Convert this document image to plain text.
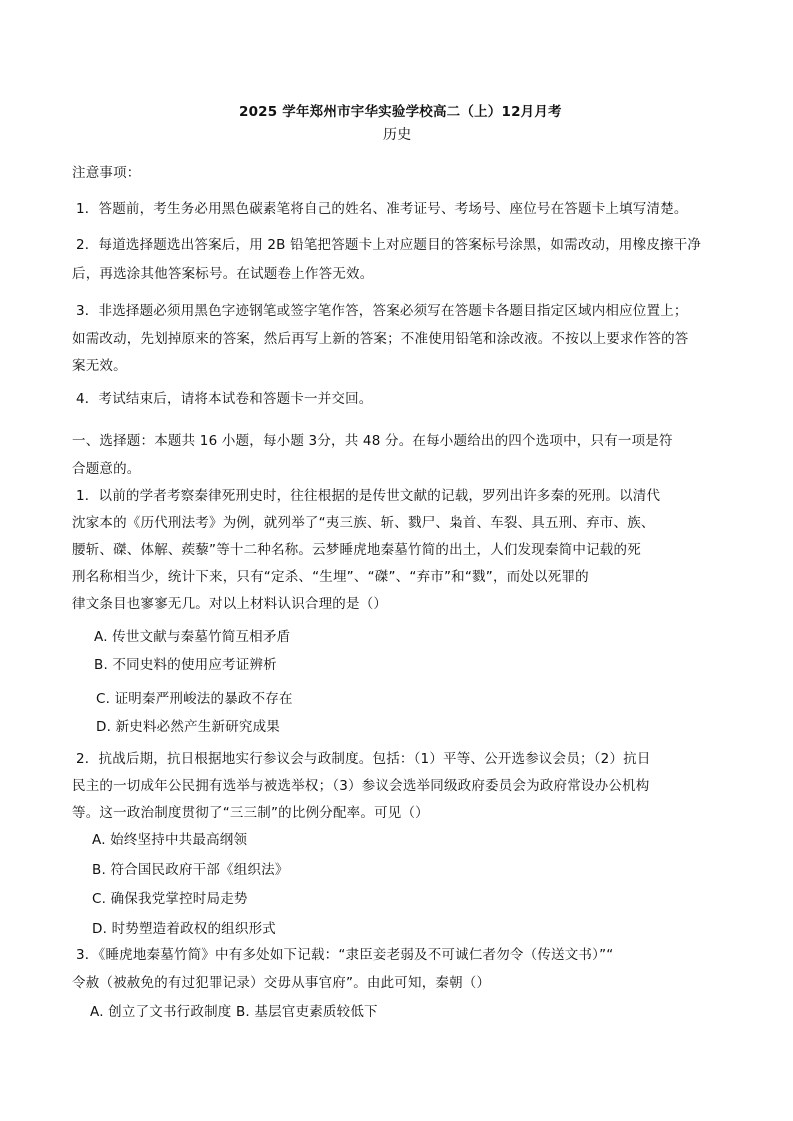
2025 学年郑州市宇华实验学校高二（上）12月月考
历史
注意事项：
1．答题前，考生务必用黑色碳素笔将自己的姓名、准考证号、考场号、座位号在答题卡上填写清楚。
2．每道选择题选出答案后，用 2B 铅笔把答题卡上对应题目的答案标号涂黑，如需改动，用橡皮擦干净
后，再选涂其他答案标号。在试题卷上作答无效。
3．非选择题必须用黑色字迹钢笔或签字笔作答，答案必须写在答题卡各题目指定区域内相应位置上；
如需改动，先划掉原来的答案，然后再写上新的答案；不准使用铅笔和涂改液。不按以上要求作答的答
案无效。
4．考试结束后，请将本试卷和答题卡一并交回。
一、选择题：本题共 16 小题，每小题 3分，共 48 分。在每小题给出的四个选项中，只有一项是符
合题意的。
1．以前的学者考察秦律死刑史时，往往根据的是传世文献的记载，罗列出许多秦的死刑。以清代
沈家本的《历代刑法考》为例，就列举了“夷三族、斩、戮尸、枭首、车裂、具五刑、弃市、族、
腰斩、磔、体解、蒺藜”等十二种名称。云梦睡虎地秦墓竹简的出土，人们发现秦简中记载的死
刑名称相当少，统计下来，只有“定杀、“生埋”、“磔”、“弃市”和“戮”，而处以死罪的
律文条目也寥寥无几。对以上材料认识合理的是（）
A. 传世文献与秦墓竹简互相矛盾
B. 不同史料的使用应考证辨析
C. 证明秦严刑峻法的暴政不存在
D. 新史料必然产生新研究成果
2．抗战后期，抗日根据地实行参议会与政制度。包括：（1）平等、公开选参议会员；（2）抗日
民主的一切成年公民拥有选举与被选举权；（3）参议会选举同级政府委员会为政府常设办公机构
等。这一政治制度贯彻了“三三制”的比例分配率。可见（）
A. 始终坚持中共最高纲领
B. 符合国民政府干部《组织法》
C. 确保我党掌控时局走势
D. 时势塑造着政权的组织形式
3．《睡虎地秦墓竹简》中有多处如下记载：“隶臣妾老弱及不可诚仁者勿令（传送文书）”“
令赦（被赦免的有过犯罪记录）交毋从事官府”。由此可知，秦朝（）
A. 创立了文书行政制度 B. 基层官吏素质较低下
